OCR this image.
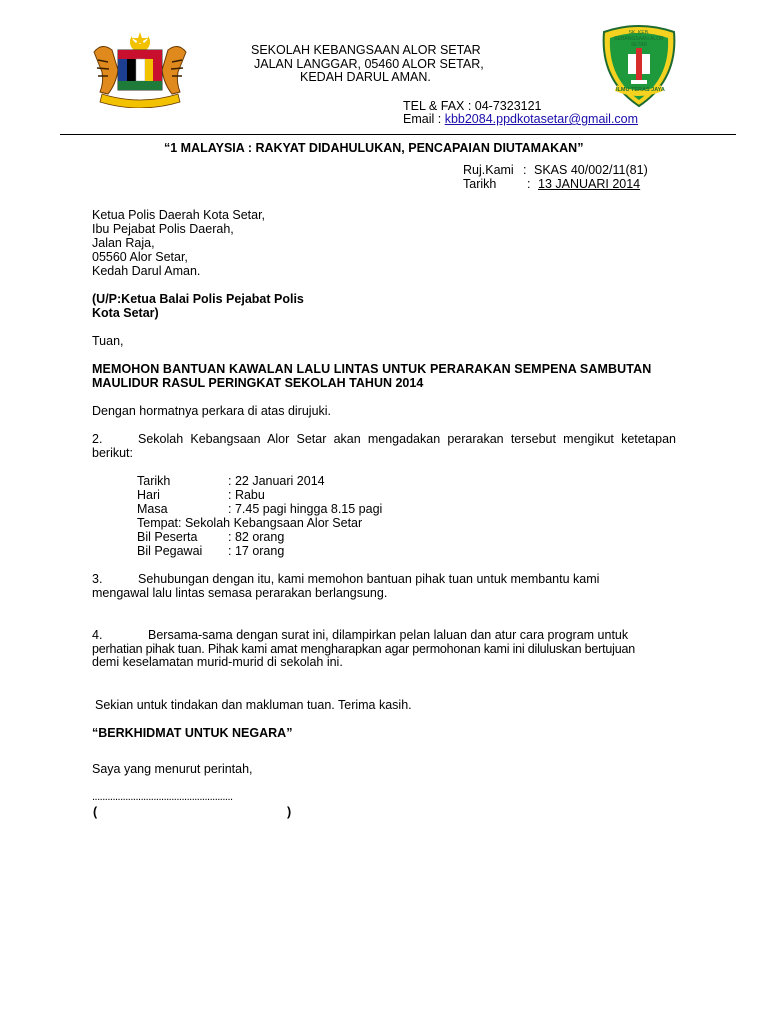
SK. KEB. KEBANGSAAN ALOR SETAR
ILMU TERAS JAYA
SEKOLAH KEBANGSAAN ALOR SETAR
JALAN LANGGAR, 05460 ALOR SETAR,
KEDAH DARUL AMAN.
TEL & FAX : 04-7323121
Email : kbb2084.ppdkotasetar@gmail.com
“1 MALAYSIA : RAKYAT DIDAHULUKAN, PENCAPAIAN DIUTAMAKAN”
Ruj.Kami : SKAS 40/002/11(81)
Tarikh : 13 JANUARI 2014
Ketua Polis Daerah Kota Setar,
Ibu Pejabat Polis Daerah,
Jalan Raja,
05560 Alor Setar,
Kedah Darul Aman.
(U/P:Ketua Balai Polis Pejabat Polis
Kota Setar)
Tuan,
MEMOHON BANTUAN KAWALAN LALU LINTAS UNTUK PERARAKAN SEMPENA SAMBUTAN
MAULIDUR RASUL PERINGKAT SEKOLAH TAHUN 2014
Dengan hormatnya perkara di atas dirujuki.
2.	Sekolah Kebangsaan Alor Setar akan mengadakan perarakan tersebut mengikut ketetapan berikut:
Tarikh	: 22 Januari 2014
Hari	: Rabu
Masa	: 7.45 pagi hingga 8.15 pagi
Tempat: Sekolah Kebangsaan Alor Setar
Bil Peserta : 82 orang
Bil Pegawai : 17 orang
3.	Sehubungan dengan itu, kami memohon bantuan pihak tuan untuk membantu kami
mengawal lalu lintas semasa perarakan berlangsung.
4.	Bersama-sama dengan surat ini, dilampirkan pelan laluan dan atur cara program untuk
perhatian pihak tuan. Pihak kami amat mengharapkan agar permohonan kami ini diluluskan bertujuan
demi keselamatan murid-murid di sekolah ini.
Sekian untuk tindakan dan makluman tuan. Terima kasih.
“BERKHIDMAT UNTUK NEGARA”
Saya yang menurut perintah,
.......................................................
(	)
